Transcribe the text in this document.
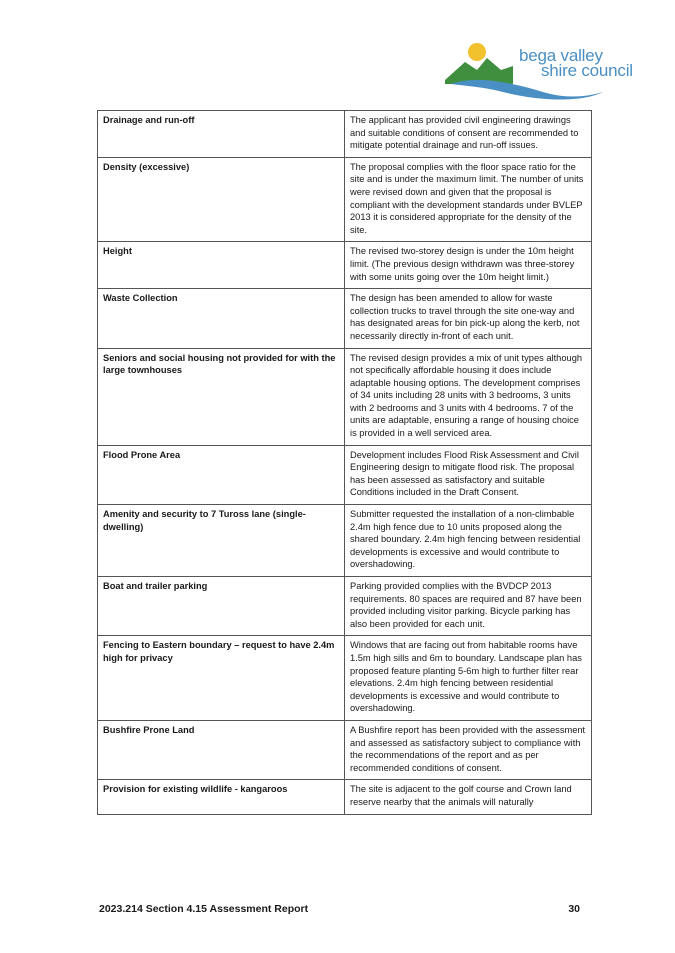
bega valley
shire council
Drainage and run-off	The applicant has provided civil engineering drawings and suitable conditions of consent are recommended to mitigate potential drainage and run-off issues.
Density (excessive)	The proposal complies with the floor space ratio for the site and is under the maximum limit. The number of units were revised down and given that the proposal is compliant with the development standards under BVLEP 2013 it is considered appropriate for the density of the site.
Height	The revised two-storey design is under the 10m height limit. (The previous design withdrawn was three-storey with some units going over the 10m height limit.)
Waste Collection	The design has been amended to allow for waste collection trucks to travel through the site one-way and has designated areas for bin pick-up along the kerb, not necessarily directly in-front of each unit.
Seniors and social housing not provided for with the large townhouses	The revised design provides a mix of unit types although not specifically affordable housing it does include adaptable housing options. The development comprises of 34 units including 28 units with 3 bedrooms, 3 units with 2 bedrooms and 3 units with 4 bedrooms. 7 of the units are adaptable, ensuring a range of housing choice is provided in a well serviced area.
Flood Prone Area	Development includes Flood Risk Assessment and Civil Engineering design to mitigate flood risk. The proposal has been assessed as satisfactory and suitable Conditions included in the Draft Consent.
Amenity and security to 7 Tuross lane (single-dwelling)	Submitter requested the installation of a non-climbable 2.4m high fence due to 10 units proposed along the shared boundary. 2.4m high fencing between residential developments is excessive and would contribute to overshadowing.
Boat and trailer parking	Parking provided complies with the BVDCP 2013 requirements. 80 spaces are required and 87 have been provided including visitor parking. Bicycle parking has also been provided for each unit.
Fencing to Eastern boundary – request to have 2.4m high for privacy	Windows that are facing out from habitable rooms have 1.5m high sills and 6m to boundary. Landscape plan has proposed feature planting 5-6m high to further filter rear elevations. 2.4m high fencing between residential developments is excessive and would contribute to overshadowing.
Bushfire Prone Land	A Bushfire report has been provided with the assessment and assessed as satisfactory subject to compliance with the recommendations of the report and as per recommended conditions of consent.
Provision for existing wildlife - kangaroos	The site is adjacent to the golf course and Crown land reserve nearby that the animals will naturally
2023.214 Section 4.15 Assessment Report	30
